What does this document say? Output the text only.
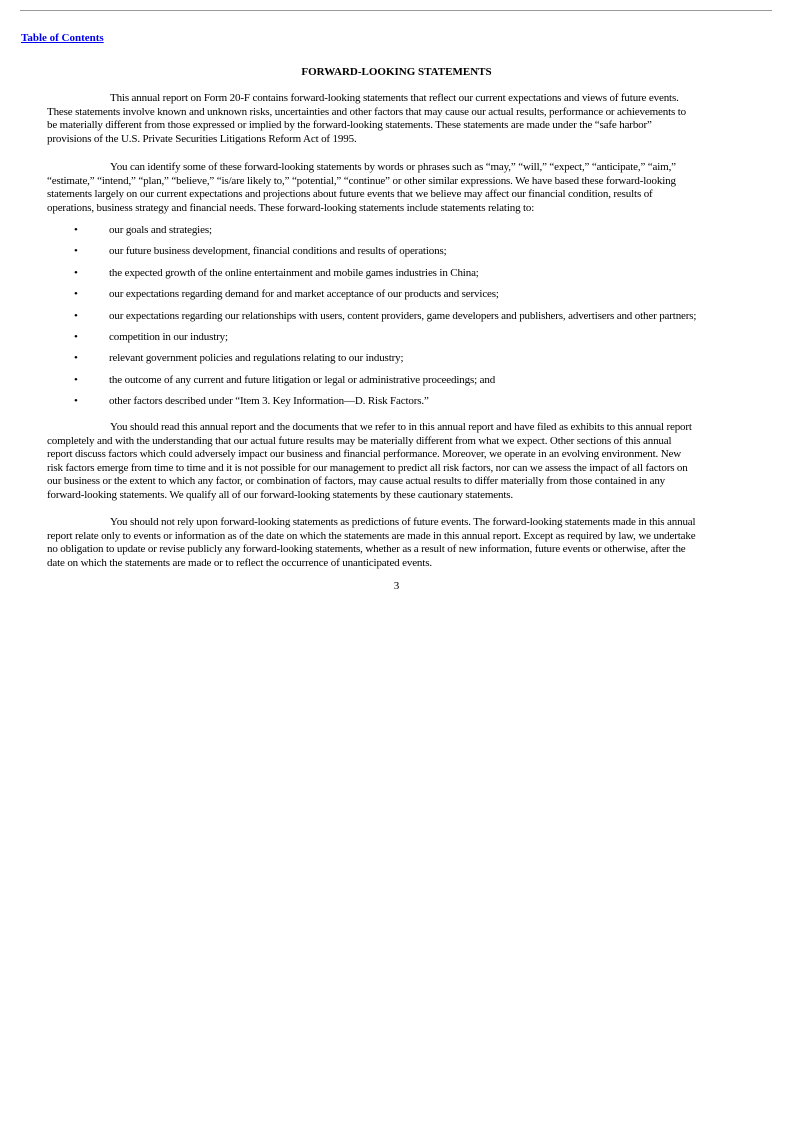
Table of Contents
FORWARD-LOOKING STATEMENTS
This annual report on Form 20-F contains forward-looking statements that reflect our current expectations and views of future events.
These statements involve known and unknown risks, uncertainties and other factors that may cause our actual results, performance or achievements to
be materially different from those expressed or implied by the forward-looking statements. These statements are made under the “safe harbor”
provisions of the U.S. Private Securities Litigations Reform Act of 1995.
You can identify some of these forward-looking statements by words or phrases such as “may,” “will,” “expect,” “anticipate,” “aim,”
“estimate,” “intend,” “plan,” “believe,” “is/are likely to,” “potential,” “continue” or other similar expressions. We have based these forward-looking
statements largely on our current expectations and projections about future events that we believe may affect our financial condition, results of
operations, business strategy and financial needs. These forward-looking statements include statements relating to:
•	our goals and strategies;
•	our future business development, financial conditions and results of operations;
•	the expected growth of the online entertainment and mobile games industries in China;
•	our expectations regarding demand for and market acceptance of our products and services;
•	our expectations regarding our relationships with users, content providers, game developers and publishers, advertisers and other partners;
•	competition in our industry;
•	relevant government policies and regulations relating to our industry;
•	the outcome of any current and future litigation or legal or administrative proceedings; and
•	other factors described under “Item 3. Key Information—D. Risk Factors.”
You should read this annual report and the documents that we refer to in this annual report and have filed as exhibits to this annual report
completely and with the understanding that our actual future results may be materially different from what we expect. Other sections of this annual
report discuss factors which could adversely impact our business and financial performance. Moreover, we operate in an evolving environment. New
risk factors emerge from time to time and it is not possible for our management to predict all risk factors, nor can we assess the impact of all factors on
our business or the extent to which any factor, or combination of factors, may cause actual results to differ materially from those contained in any
forward-looking statements. We qualify all of our forward-looking statements by these cautionary statements.
You should not rely upon forward-looking statements as predictions of future events. The forward-looking statements made in this annual
report relate only to events or information as of the date on which the statements are made in this annual report. Except as required by law, we undertake
no obligation to update or revise publicly any forward-looking statements, whether as a result of new information, future events or otherwise, after the
date on which the statements are made or to reflect the occurrence of unanticipated events.
3
